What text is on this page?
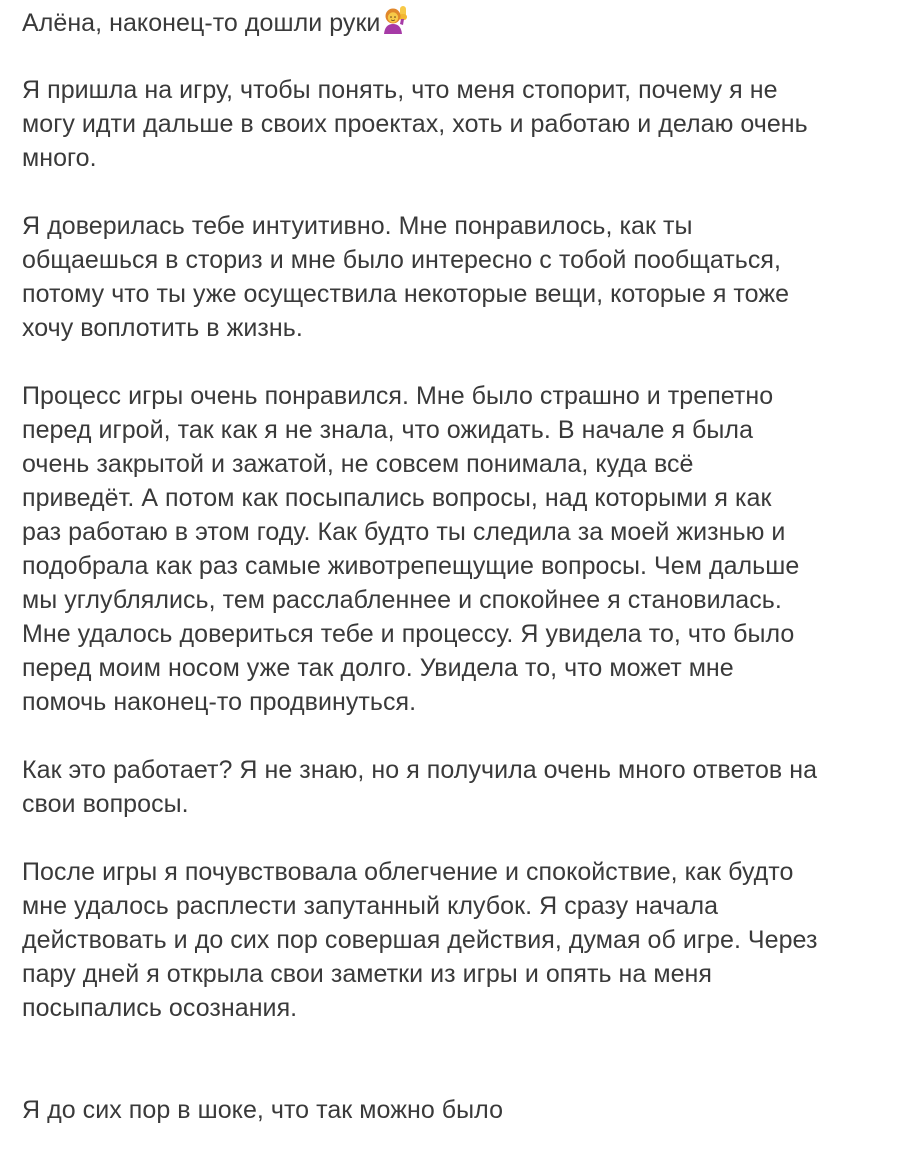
Алёна, наконец-то дошли руки
Я пришла на игру, чтобы понять, что меня стопорит, почему я не
могу идти дальше в своих проектах, хоть и работаю и делаю очень
много.
Я доверилась тебе интуитивно. Мне понравилось, как ты
общаешься в сториз и мне было интересно с тобой пообщаться,
потому что ты уже осуществила некоторые вещи, которые я тоже
хочу воплотить в жизнь.
Процесс игры очень понравился. Мне было страшно и трепетно
перед игрой, так как я не знала, что ожидать. В начале я была
очень закрытой и зажатой, не совсем понимала, куда всё
приведёт. А потом как посыпались вопросы, над которыми я как
раз работаю в этом году. Как будто ты следила за моей жизнью и
подобрала как раз самые животрепещущие вопросы. Чем дальше
мы углублялись, тем расслабленнее и спокойнее я становилась.
Мне удалось довериться тебе и процессу. Я увидела то, что было
перед моим носом уже так долго. Увидела то, что может мне
помочь наконец-то продвинуться.
Как это работает? Я не знаю, но я получила очень много ответов на
свои вопросы.
После игры я почувствовала облегчение и спокойствие, как будто
мне удалось расплести запутанный клубок. Я сразу начала
действовать и до сих пор совершая действия, думая об игре. Через
пару дней я открыла свои заметки из игры и опять на меня
посыпались осознания.
Я до сих пор в шоке, что так можно было
